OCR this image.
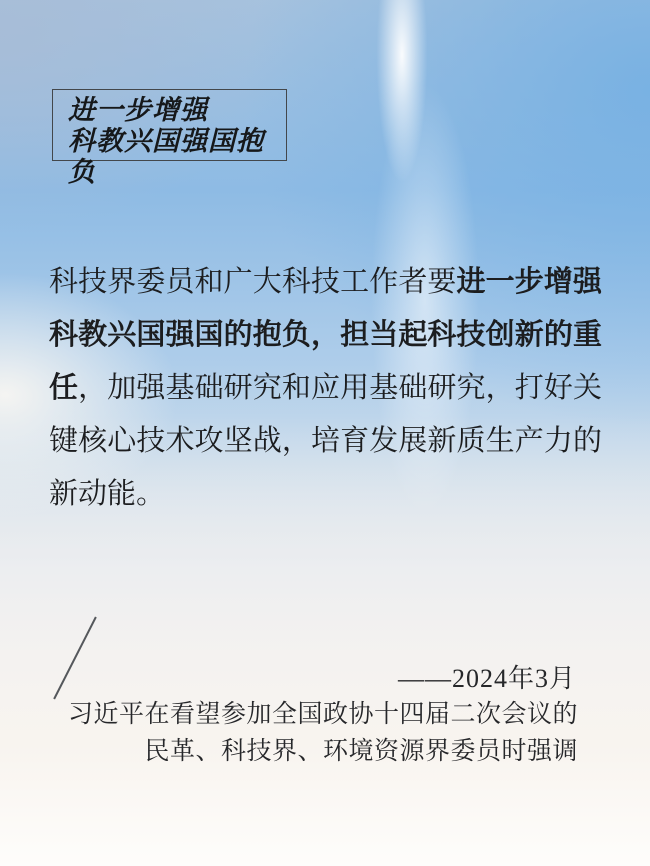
进一步增强
科教兴国强国抱负
科技界委员和广大科技工作者要进一步增强
科教兴国强国的抱负，担当起科技创新的重
任，加强基础研究和应用基础研究，打好关
键核心技术攻坚战，培育发展新质生产力的
新动能。
——2024年3月
习近平在看望参加全国政协十四届二次会议的
民革、科技界、环境资源界委员时强调
